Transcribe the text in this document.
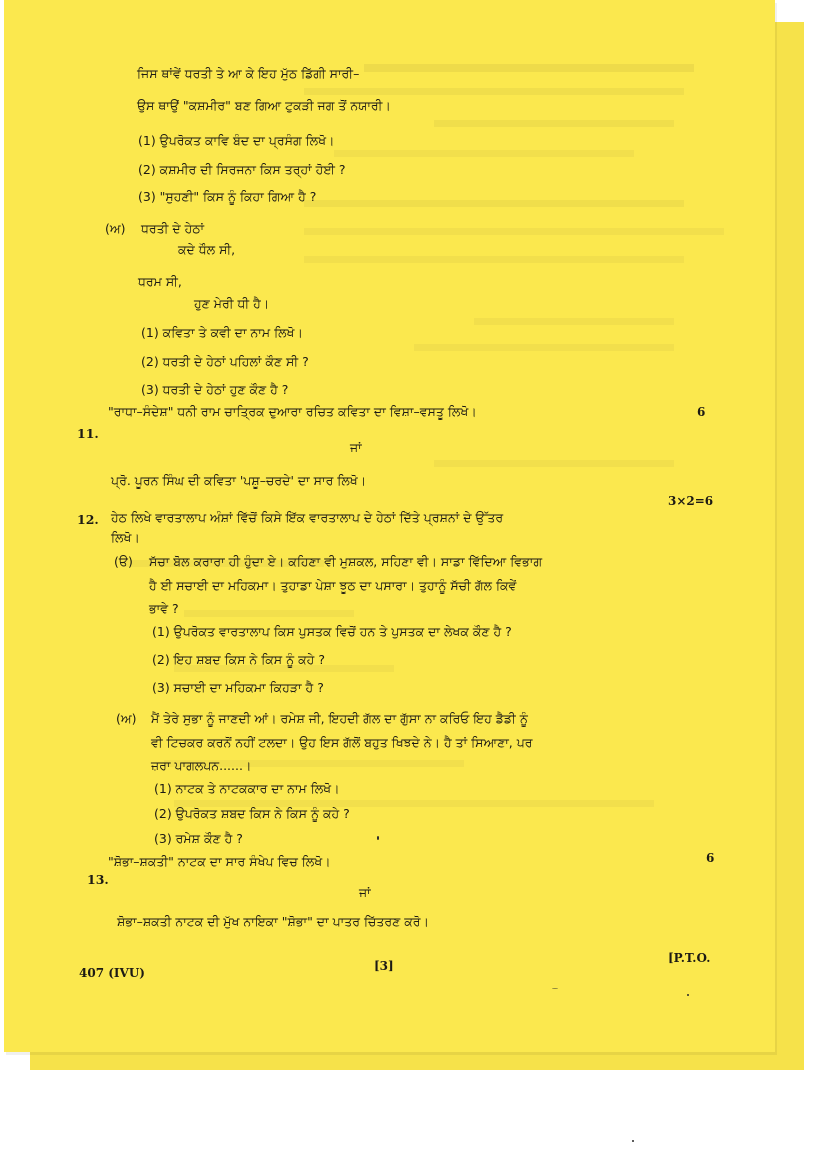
ਜਿਸ ਥਾਂਵੇਂ ਧਰਤੀ ਤੇ ਆ ਕੇ ਇਹ ਮੁੱਠ ਡਿੱਗੀ ਸਾਰੀ–
ਉਸ ਥਾਉਂ "ਕਸ਼ਮੀਰ" ਬਣ ਗਿਆ ਟੁਕੜੀ ਜਗ ਤੋਂ ਨਯਾਰੀ।
(1) ਉਪਰੋਕਤ ਕਾਵਿ ਬੰਦ ਦਾ ਪ੍ਰਸੰਗ ਲਿਖੋ।
(2) ਕਸ਼ਮੀਰ ਦੀ ਸਿਰਜਨਾ ਕਿਸ ਤਰ੍ਹਾਂ ਹੋਈ ?
(3) "ਸੁਹਣੀ" ਕਿਸ ਨੂੰ ਕਿਹਾ ਗਿਆ ਹੈ ?
(ਅ) ਧਰਤੀ ਦੇ ਹੇਠਾਂ
ਕਦੇ ਧੌਲ ਸੀ,
ਧਰਮ ਸੀ,
ਹੁਣ ਮੇਰੀ ਧੀ ਹੈ।
(1) ਕਵਿਤਾ ਤੇ ਕਵੀ ਦਾ ਨਾਮ ਲਿਖੋ।
(2) ਧਰਤੀ ਦੇ ਹੇਠਾਂ ਪਹਿਲਾਂ ਕੌਣ ਸੀ ?
(3) ਧਰਤੀ ਦੇ ਹੇਠਾਂ ਹੁਣ ਕੌਣ ਹੈ ?
"ਰਾਧਾ–ਸੰਦੇਸ਼" ਧਨੀ ਰਾਮ ਚਾਤ੍ਰਿਕ ਦੁਆਰਾ ਰਚਿਤ ਕਵਿਤਾ ਦਾ ਵਿਸ਼ਾ–ਵਸਤੂ ਲਿਖੋ।
11.
6
ਜਾਂ
ਪ੍ਰੋ. ਪੂਰਨ ਸਿੰਘ ਦੀ ਕਵਿਤਾ 'ਪਸ਼ੂ–ਚਰਦੇ' ਦਾ ਸਾਰ ਲਿਖੋ।
12. ਹੇਠ ਲਿਖੇ ਵਾਰਤਾਲਾਪ ਅੰਸ਼ਾਂ ਵਿੱਚੋਂ ਕਿਸੇ ਇੱਕ ਵਾਰਤਾਲਾਪ ਦੇ ਹੇਠਾਂ ਦਿੱਤੇ ਪ੍ਰਸ਼ਨਾਂ ਦੇ ਉੱਤਰ
3×2=6
ਲਿਖੋ।
(ੳ) ਸੱਚਾ ਬੋਲ ਕਰਾਰਾ ਹੀ ਹੁੰਦਾ ਏ। ਕਹਿਣਾ ਵੀ ਮੁਸ਼ਕਲ, ਸਹਿਣਾ ਵੀ। ਸਾਡਾ ਵਿੱਦਿਆ ਵਿਭਾਗ
ਹੈ ਈ ਸਚਾਈ ਦਾ ਮਹਿਕਮਾ। ਤੁਹਾਡਾ ਪੇਸ਼ਾ ਝੂਠ ਦਾ ਪਸਾਰਾ। ਤੁਹਾਨੂੰ ਸੱਚੀ ਗੱਲ ਕਿਵੇਂ
ਭਾਵੇ ?
(1) ਉਪਰੋਕਤ ਵਾਰਤਾਲਾਪ ਕਿਸ ਪੁਸਤਕ ਵਿਚੋਂ ਹਨ ਤੇ ਪੁਸਤਕ ਦਾ ਲੇਖਕ ਕੌਣ ਹੈ ?
(2) ਇਹ ਸ਼ਬਦ ਕਿਸ ਨੇ ਕਿਸ ਨੂੰ ਕਹੇ ?
(3) ਸਚਾਈ ਦਾ ਮਹਿਕਮਾ ਕਿਹੜਾ ਹੈ ?
(ਅ) ਮੈਂ ਤੇਰੇ ਸੁਭਾ ਨੂੰ ਜਾਣਦੀ ਆਂ। ਰਮੇਸ਼ ਜੀ, ਇਹਦੀ ਗੱਲ ਦਾ ਗੁੱਸਾ ਨਾ ਕਰਿਓ ਇਹ ਡੈਡੀ ਨੂੰ
ਵੀ ਟਿਚਕਰ ਕਰਨੋਂ ਨਹੀਂ ਟਲਦਾ। ਉਹ ਇਸ ਗੱਲੋਂ ਬਹੁਤ ਖਿਝਦੇ ਨੇ। ਹੈ ਤਾਂ ਸਿਆਣਾ, ਪਰ
ਜ਼ਰਾ ਪਾਗਲਪਨ......।
(1) ਨਾਟਕ ਤੇ ਨਾਟਕਕਾਰ ਦਾ ਨਾਮ ਲਿਖੋ।
(2) ਉਪਰੋਕਤ ਸ਼ਬਦ ਕਿਸ ਨੇ ਕਿਸ ਨੂੰ ਕਹੇ ?
(3) ਰਮੇਸ਼ ਕੌਣ ਹੈ ?
"ਸ਼ੋਭਾ–ਸ਼ਕਤੀ" ਨਾਟਕ ਦਾ ਸਾਰ ਸੰਖੇਪ ਵਿਚ ਲਿਖੋ।
13.
6
ਜਾਂ
ਸ਼ੋਭਾ–ਸ਼ਕਤੀ ਨਾਟਕ ਦੀ ਮੁੱਖ ਨਾਇਕਾ "ਸ਼ੋਭਾ" ਦਾ ਪਾਤਰ ਚਿੱਤਰਣ ਕਰੋ।
407 (IVU)	[3]
[P.T.O.
